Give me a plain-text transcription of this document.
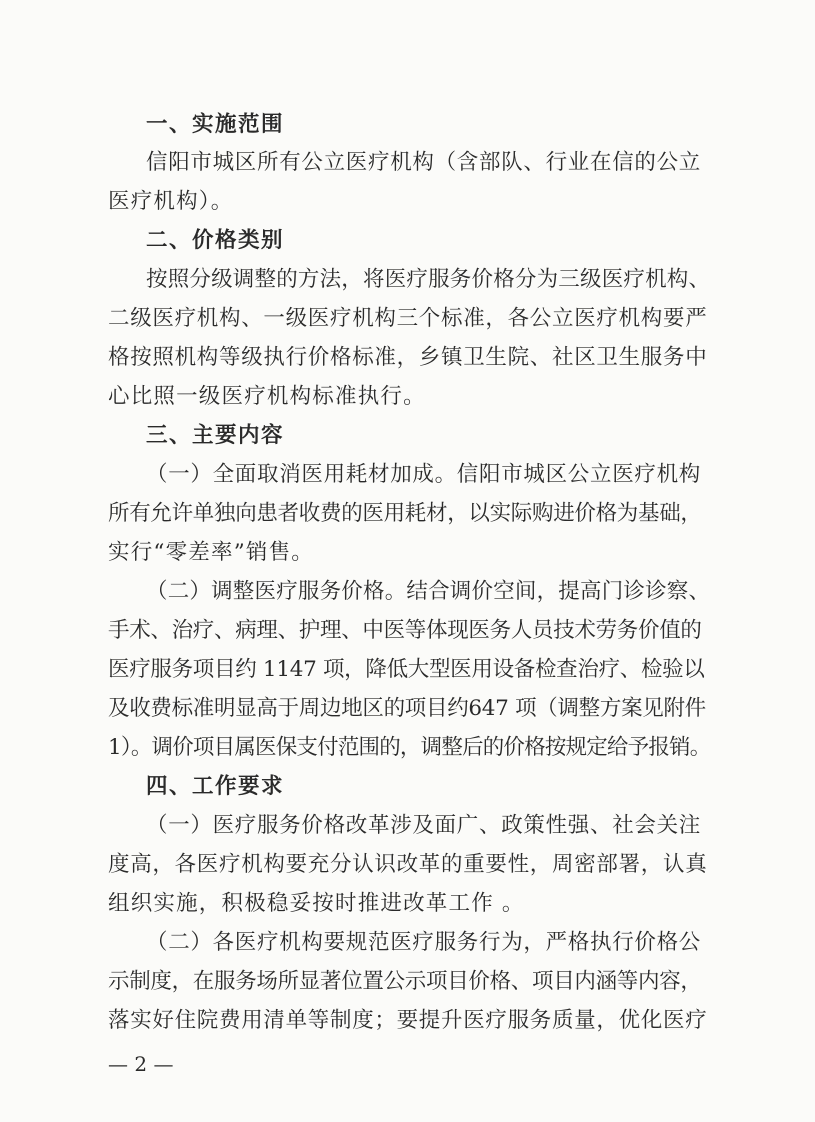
一、实施范围
信阳市城区所有公立医疗机构（含部队、行业在信的公立
医疗机构）。
二、价格类别
按照分级调整的方法，将医疗服务价格分为三级医疗机构、
二级医疗机构、一级医疗机构三个标准，各公立医疗机构要严
格按照机构等级执行价格标准，乡镇卫生院、社区卫生服务中
心比照一级医疗机构标准执行。
三、主要内容
（一）全面取消医用耗材加成。信阳市城区公立医疗机构
所有允许单独向患者收费的医用耗材，以实际购进价格为基础，
实行“零差率”销售。
（二）调整医疗服务价格。结合调价空间，提高门诊诊察、
手术、治疗、病理、护理、中医等体现医务人员技术劳务价值的
医疗服务项目约 1147 项，降低大型医用设备检查治疗、检验以
及收费标准明显高于周边地区的项目约647 项（调整方案见附件
1）。调价项目属医保支付范围的，调整后的价格按规定给予报销。
四、工作要求
（一）医疗服务价格改革涉及面广、政策性强、社会关注
度高，各医疗机构要充分认识改革的重要性，周密部署，认真
组织实施，积极稳妥按时推进改革工作 。
（二）各医疗机构要规范医疗服务行为，严格执行价格公
示制度，在服务场所显著位置公示项目价格、项目内涵等内容，
落实好住院费用清单等制度；要提升医疗服务质量，优化医疗
— 2 —
